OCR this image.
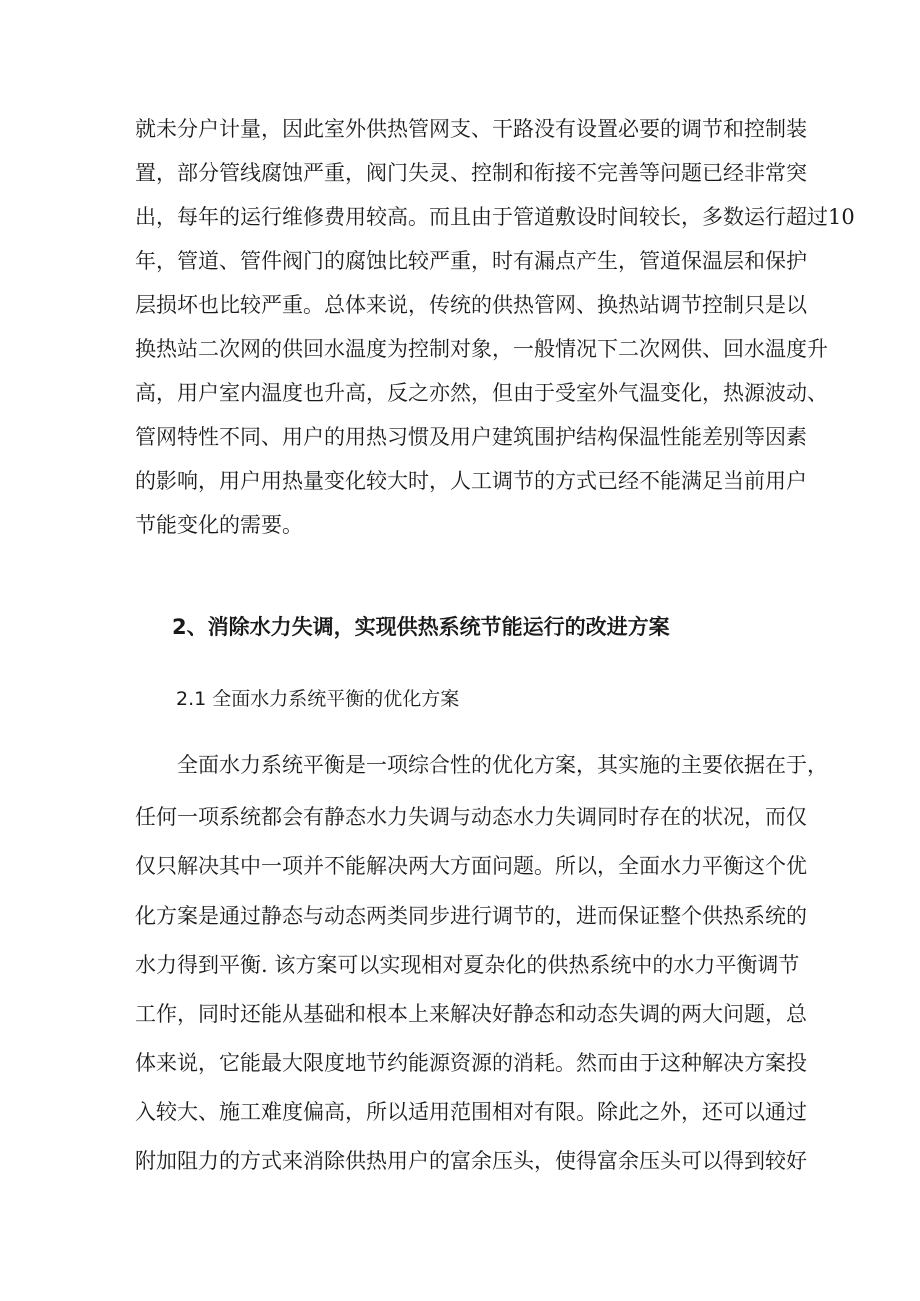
就未分户计量，因此室外供热管网支、干路没有设置必要的调节和控制装
置，部分管线腐蚀严重，阀门失灵、控制和衔接不完善等问题已经非常突
出，每年的运行维修费用较高。而且由于管道敷设时间较长，多数运行超过10
年，管道、管件阀门的腐蚀比较严重，时有漏点产生，管道保温层和保护
层损坏也比较严重。总体来说，传统的供热管网、换热站调节控制只是以
换热站二次网的供回水温度为控制对象，一般情况下二次网供、回水温度升
高，用户室内温度也升高，反之亦然，但由于受室外气温变化，热源波动、
管网特性不同、用户的用热习惯及用户建筑围护结构保温性能差别等因素
的影响，用户用热量变化较大时，人工调节的方式已经不能满足当前用户
节能变化的需要。
2、消除水力失调，实现供热系统节能运行的改进方案
2.1 全面水力系统平衡的优化方案
全面水力系统平衡是一项综合性的优化方案，其实施的主要依据在于，
任何一项系统都会有静态水力失调与动态水力失调同时存在的状况，而仅
仅只解决其中一项并不能解决两大方面问题。所以，全面水力平衡这个优
化方案是通过静态与动态两类同步进行调节的，进而保证整个供热系统的
水力得到平衡. 该方案可以实现相对夏杂化的供热系统中的水力平衡调节
工作，同时还能从基础和根本上来解决好静态和动态失调的两大问题，总
体来说，它能最大限度地节约能源资源的消耗。然而由于这种解决方案投
入较大、施工难度偏高，所以适用范围相对有限。除此之外，还可以通过
附加阻力的方式来消除供热用户的富余压头，使得富余压头可以得到较好
